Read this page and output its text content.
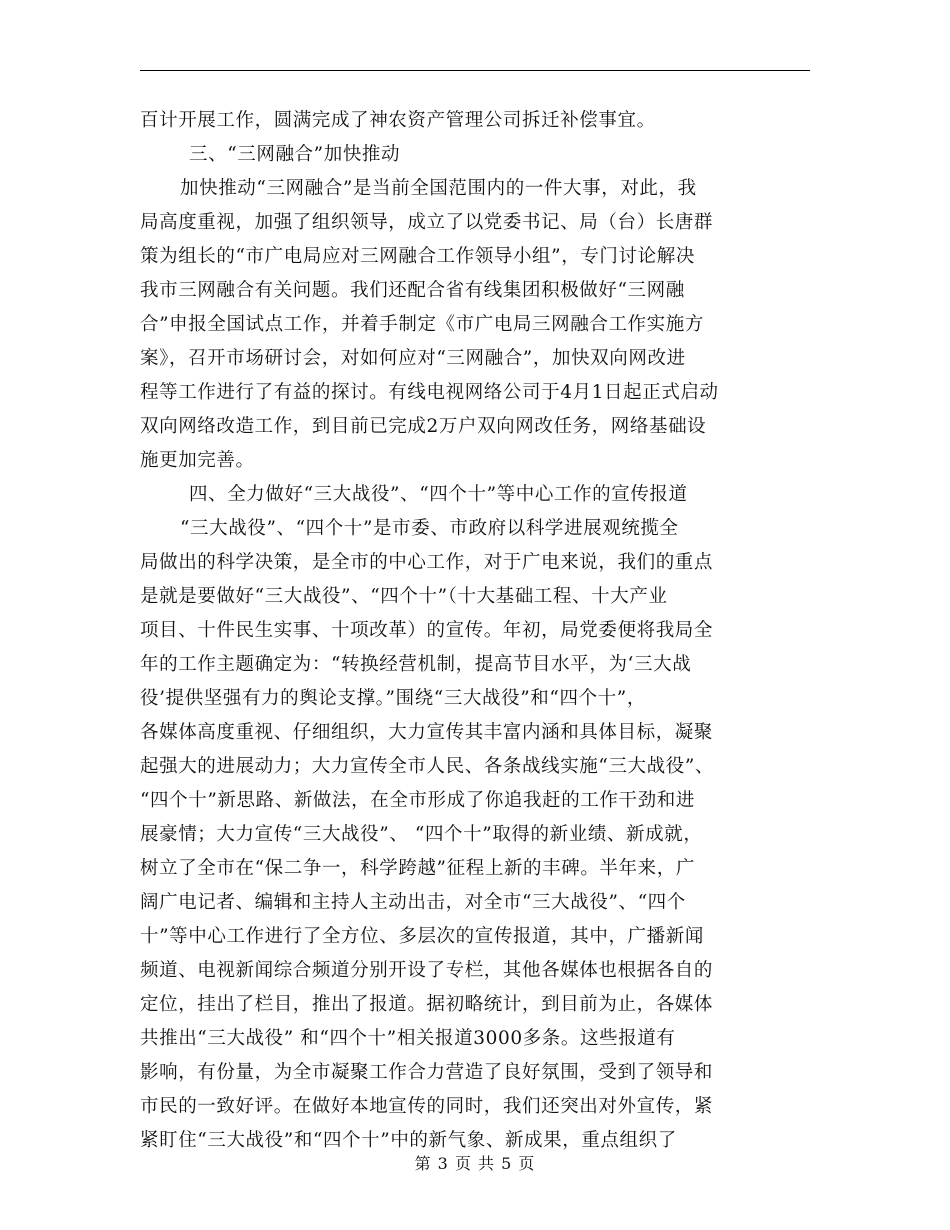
百计开展工作，圆满完成了神农资产管理公司拆迁补偿事宜。
三、“三网融合”加快推动
加快推动“三网融合”是当前全国范围内的一件大事，对此，我
局高度重视，加强了组织领导，成立了以党委书记、局（台）长唐群
策为组长的“市广电局应对三网融合工作领导小组”，专门讨论解决
我市三网融合有关问题。我们还配合省有线集团积极做好“三网融
合”申报全国试点工作，并着手制定《市广电局三网融合工作实施方
案》，召开市场研讨会，对如何应对“三网融合”，加快双向网改进
程等工作进行了有益的探讨。有线电视网络公司于4月1日起正式启动
双向网络改造工作，到目前已完成2万户双向网改任务，网络基础设
施更加完善。
四、全力做好“三大战役”、“四个十”等中心工作的宣传报道
“三大战役”、“四个十”是市委、市政府以科学进展观统揽全
局做出的科学决策，是全市的中心工作，对于广电来说，我们的重点
是就是要做好“三大战役”、“四个十”（十大基础工程、十大产业
项目、十件民生实事、十项改革）的宣传。年初，局党委便将我局全
年的工作主题确定为：“转换经营机制，提高节目水平，为‘三大战
役’提供坚强有力的舆论支撑。”围绕“三大战役”和“四个十”，
各媒体高度重视、仔细组织，大力宣传其丰富内涵和具体目标，凝聚
起强大的进展动力；大力宣传全市人民、各条战线实施“三大战役”、
“四个十”新思路、新做法，在全市形成了你追我赶的工作干劲和进
展豪情；大力宣传“三大战役”、 “四个十”取得的新业绩、新成就，
树立了全市在“保二争一，科学跨越”征程上新的丰碑。半年来，广
阔广电记者、编辑和主持人主动出击，对全市“三大战役”、“四个
十”等中心工作进行了全方位、多层次的宣传报道，其中，广播新闻
频道、电视新闻综合频道分别开设了专栏，其他各媒体也根据各自的
定位，挂出了栏目，推出了报道。据初略统计，到目前为止，各媒体
共推出“三大战役” 和“四个十”相关报道3000多条。这些报道有
影响，有份量，为全市凝聚工作合力营造了良好氛围，受到了领导和
市民的一致好评。在做好本地宣传的同时，我们还突出对外宣传，紧
紧盯住“三大战役”和“四个十”中的新气象、新成果，重点组织了
第 3 页 共 5 页
